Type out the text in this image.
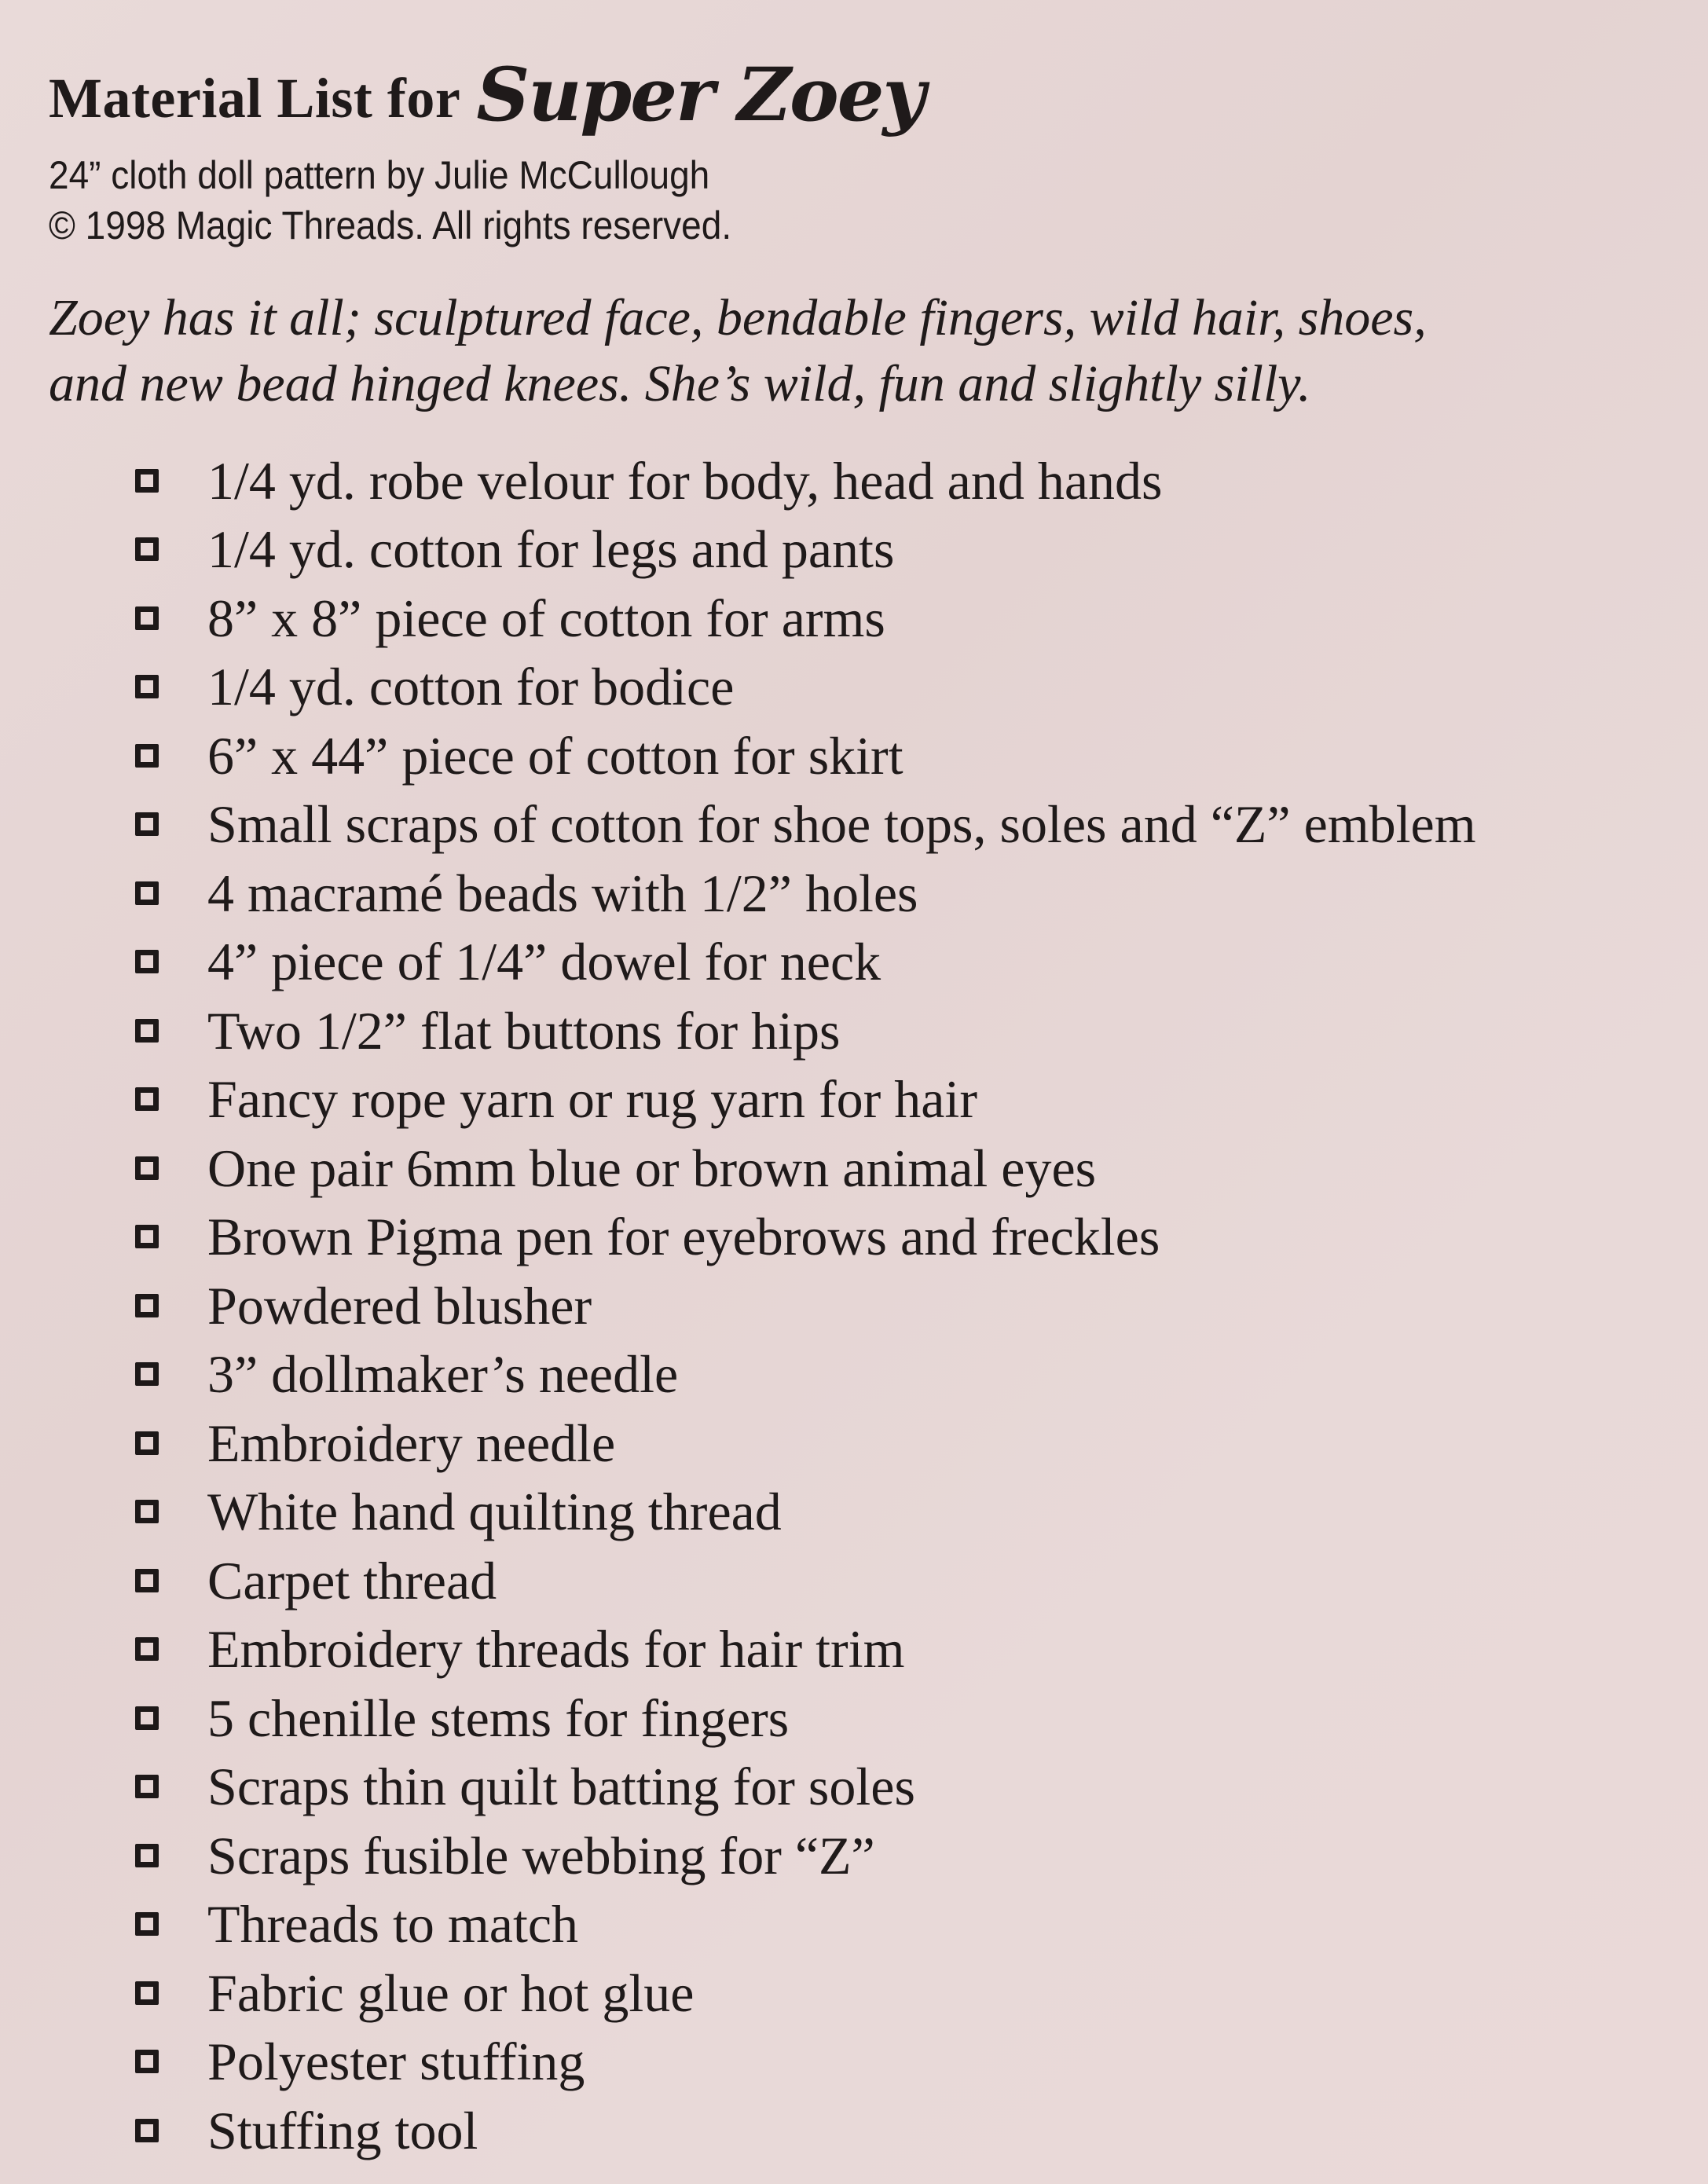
Material List for Super Zoey
24” cloth doll pattern by Julie McCullough
© 1998 Magic Threads. All rights reserved.
Zoey has it all; sculptured face, bendable fingers, wild hair, shoes,
and new bead hinged knees. She’s wild, fun and slightly silly.
1/4 yd. robe velour for body, head and hands
1/4 yd. cotton for legs and pants
8” x 8” piece of cotton for arms
1/4 yd. cotton for bodice
6” x 44” piece of cotton for skirt
Small scraps of cotton for shoe tops, soles and “Z” emblem
4 macramé beads with 1/2” holes
4” piece of 1/4” dowel for neck
Two 1/2” flat buttons for hips
Fancy rope yarn or rug yarn for hair
One pair 6mm blue or brown animal eyes
Brown Pigma pen for eyebrows and freckles
Powdered blusher
3” dollmaker’s needle
Embroidery needle
White hand quilting thread
Carpet thread
Embroidery threads for hair trim
5 chenille stems for fingers
Scraps thin quilt batting for soles
Scraps fusible webbing for “Z”
Threads to match
Fabric glue or hot glue
Polyester stuffing
Stuffing tool
